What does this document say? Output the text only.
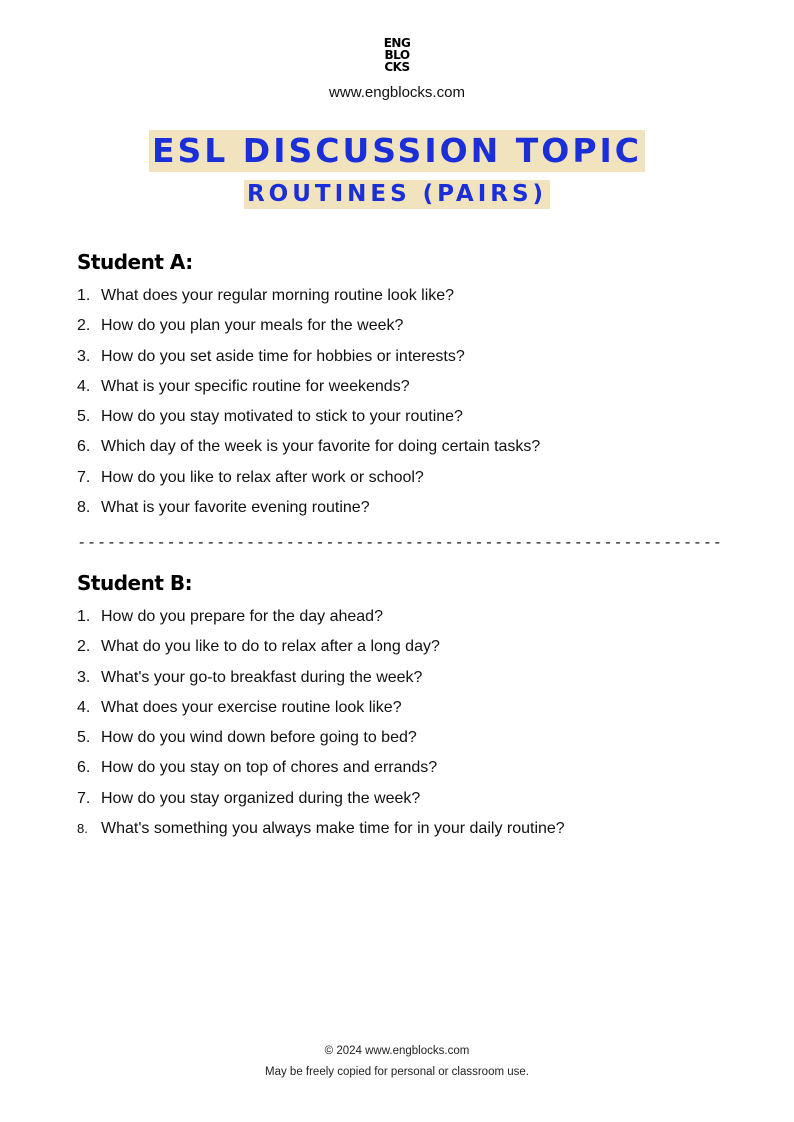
ENG
BLO
CKS
www.engblocks.com
ESL DISCUSSION TOPIC
ROUTINES (PAIRS)
Student A:
1. What does your regular morning routine look like?
2. How do you plan your meals for the week?
3. How do you set aside time for hobbies or interests?
4. What is your specific routine for weekends?
5. How do you stay motivated to stick to your routine?
6. Which day of the week is your favorite for doing certain tasks?
7. How do you like to relax after work or school?
8. What is your favorite evening routine?
-----------------------------------------------------------------
Student B:
1. How do you prepare for the day ahead?
2. What do you like to do to relax after a long day?
3. What's your go-to breakfast during the week?
4. What does your exercise routine look like?
5. How do you wind down before going to bed?
6. How do you stay on top of chores and errands?
7. How do you stay organized during the week?
8. What's something you always make time for in your daily routine?
© 2024 www.engblocks.com
May be freely copied for personal or classroom use.
